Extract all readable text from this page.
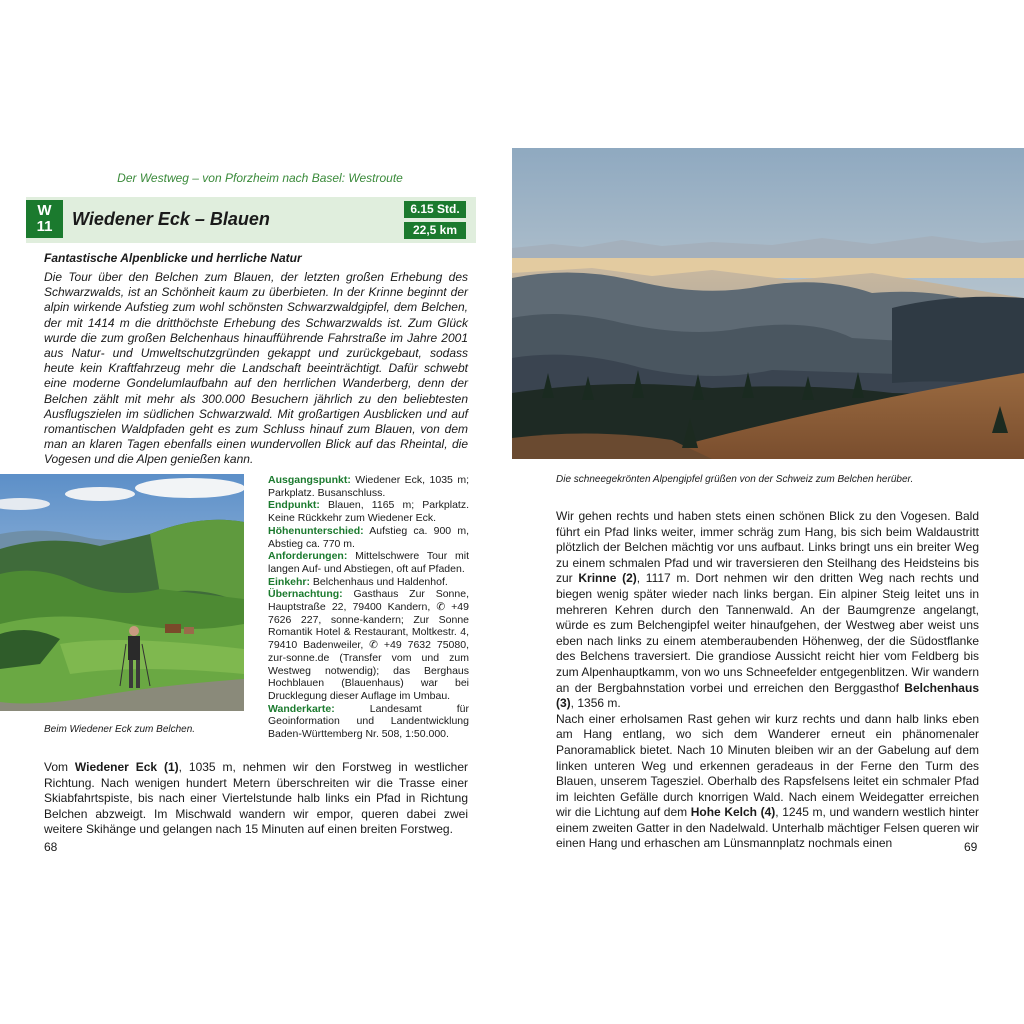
Der Westweg – von Pforzheim nach Basel: Westroute
W
11	Wiedener Eck – Blauen	6.15 Std.
22,5 km
Fantastische Alpenblicke und herrliche Natur
Die Tour über den Belchen zum Blauen, der letzten großen Erhebung des Schwarzwalds, ist an Schönheit kaum zu überbieten. In der Krinne beginnt der alpin wirkende Aufstieg zum wohl schönsten Schwarzwaldgipfel, dem Belchen, der mit 1414 m die dritthöchste Erhebung des Schwarzwalds ist. Zum Glück wurde die zum großen Belchenhaus hinaufführende Fahrstraße im Jahre 2001 aus Natur- und Umweltschutzgründen gekappt und zurückgebaut, sodass heute kein Kraftfahrzeug mehr die Landschaft beeinträchtigt. Dafür schwebt eine moderne Gondelumlaufbahn auf den herrlichen Wanderberg, denn der Belchen zählt mit mehr als 300.000 Besuchern jährlich zu den beliebtesten Ausflugszielen im südlichen Schwarzwald. Mit großartigen Ausblicken und auf romantischen Waldpfaden geht es zum Schluss hinauf zum Blauen, von dem man an klaren Tagen ebenfalls einen wundervollen Blick auf das Rheintal, die Vogesen und die Alpen genießen kann.
Beim Wiedener Eck zum Belchen.
Ausgangspunkt: Wiedener Eck, 1035 m; Parkplatz. Busanschluss.
Endpunkt: Blauen, 1165 m; Parkplatz. Keine Rückkehr zum Wiedener Eck.
Höhenunterschied: Aufstieg ca. 900 m, Abstieg ca. 770 m.
Anforderungen: Mittelschwere Tour mit langen Auf- und Abstiegen, oft auf Pfaden.
Einkehr: Belchenhaus und Haldenhof.
Übernachtung: Gasthaus Zur Sonne, Hauptstraße 22, 79400 Kandern, ✆ +49 7626 227, sonne-kandern; Zur Sonne Romantik Hotel & Restaurant, Moltkestr. 4, 79410 Badenweiler, ✆ +49 7632 75080, zur-sonne.de (Transfer vom und zum Westweg notwendig); das Berghaus Hochblauen (Blauenhaus) war bei Drucklegung dieser Auflage im Umbau.
Wanderkarte: Landesamt für Geoinformation und Landentwicklung Baden-Württemberg Nr. 508, 1:50.000.
Vom Wiedener Eck (1), 1035 m, nehmen wir den Forstweg in westlicher Richtung. Nach wenigen hundert Metern überschreiten wir die Trasse einer Skiabfahrtspiste, bis nach einer Viertelstunde halb links ein Pfad in Richtung Belchen abzweigt. Im Mischwald wandern wir empor, queren dabei zwei weitere Skihänge und gelangen nach 15 Minuten auf einen breiten Forstweg.
68
Die schneegekrönten Alpengipfel grüßen von der Schweiz zum Belchen herüber.
Wir gehen rechts und haben stets einen schönen Blick zu den Vogesen. Bald führt ein Pfad links weiter, immer schräg zum Hang, bis sich beim Waldaustritt plötzlich der Belchen mächtig vor uns aufbaut. Links bringt uns ein breiter Weg zu einem schmalen Pfad und wir traversieren den Steilhang des Heidsteins bis zur Krinne (2), 1117 m. Dort nehmen wir den dritten Weg nach rechts und biegen wenig später wieder nach links bergan. Ein alpiner Steig leitet uns in mehreren Kehren durch den Tannenwald. An der Baumgrenze angelangt, würde es zum Belchengipfel weiter hinaufgehen, der Westweg aber weist uns eben nach links zu einem atemberaubenden Höhenweg, der die Südostflanke des Belchens traversiert. Die grandiose Aussicht reicht hier vom Feldberg bis zum Alpenhauptkamm, von wo uns Schneefelder entgegenblitzen. Wir wandern an der Bergbahnstation vorbei und erreichen den Berggasthof Belchenhaus (3), 1356 m.
Nach einer erholsamen Rast gehen wir kurz rechts und dann halb links eben am Hang entlang, wo sich dem Wanderer erneut ein phänomenaler Panoramablick bietet. Nach 10 Minuten bleiben wir an der Gabelung auf dem linken unteren Weg und erkennen geradeaus in der Ferne den Turm des Blauen, unserem Tagesziel. Oberhalb des Rapsfelsens leitet ein schmaler Pfad im leichten Gefälle durch knorrigen Wald. Nach einem Weidegatter erreichen wir die Lichtung auf dem Hohe Kelch (4), 1245 m, und wandern westlich hinter einem zweiten Gatter in den Nadelwald. Unterhalb mächtiger Felsen queren wir einen Hang und erhaschen am Lünsmannplatz nochmals einen	69
